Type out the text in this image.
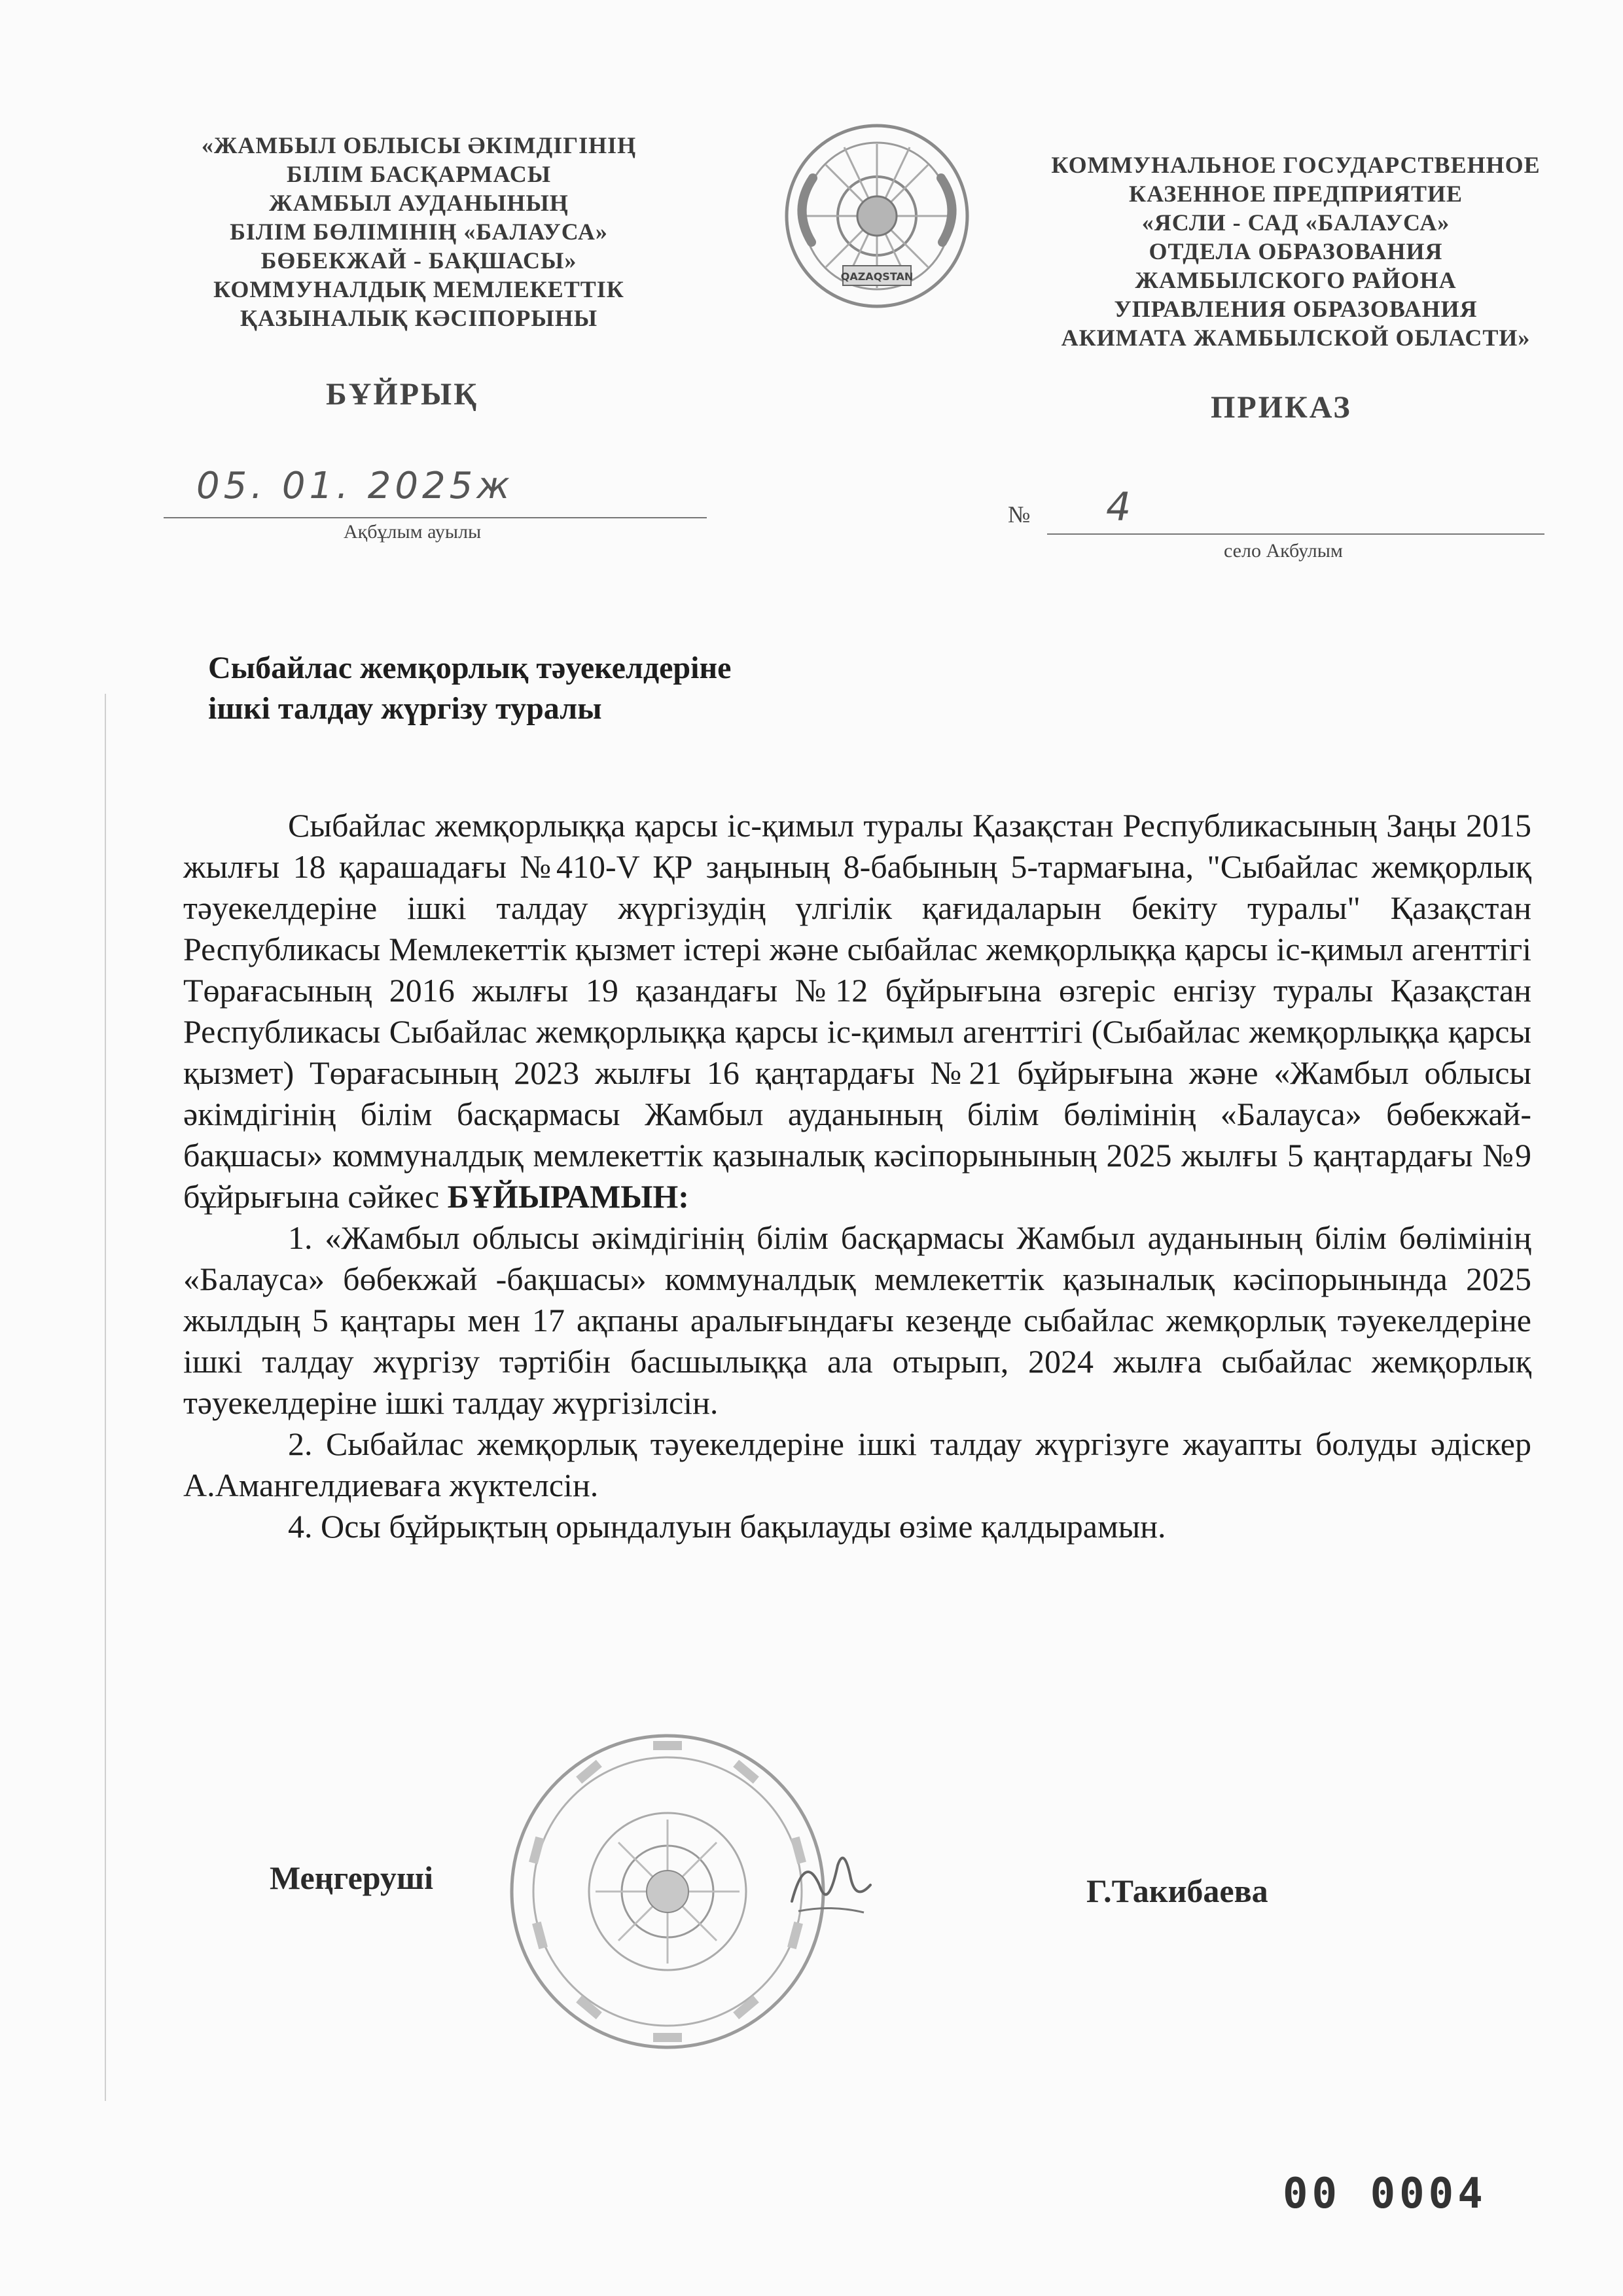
«ЖАМБЫЛ ОБЛЫСЫ ӘКІМДІГІНІҢ
БІЛІМ БАСҚАРМАСЫ
ЖАМБЫЛ АУДАНЫНЫҢ
БІЛІМ БӨЛІМІНІҢ «БАЛАУСА»
БӨБЕКЖАЙ - БАҚШАСЫ»
КОММУНАЛДЫҚ МЕМЛЕКЕТТІК
ҚАЗЫНАЛЫҚ КӘСІПОРЫНЫ
QAZAQSTAN
КОММУНАЛЬНОЕ ГОСУДАРСТВЕННОЕ
КАЗЕННОЕ ПРЕДПРИЯТИЕ
«ЯСЛИ - САД «БАЛАУСА»
ОТДЕЛА ОБРАЗОВАНИЯ
ЖАМБЫЛСКОГО РАЙОНА
УПРАВЛЕНИЯ ОБРАЗОВАНИЯ
АКИМАТА ЖАМБЫЛСКОЙ ОБЛАСТИ»
БҰЙРЫҚ	ПРИКАЗ
05. 01. 2025ж
Ақбұлым ауылы
№ 4
село Акбулым
Сыбайлас жемқорлық тәуекелдеріне
ішкі талдау жүргізу туралы

Сыбайлас жемқорлыққа қарсы іс-қимыл туралы Қазақстан Республикасының Заңы 2015 жылғы 18 қарашадағы №410-V ҚР заңының 8-бабының 5-тармағына, "Сыбайлас жемқорлық тәуекелдеріне ішкі талдау жүргізудің үлгілік қағидаларын бекіту туралы" Қазақстан Республикасы Мемлекеттік қызмет істері және сыбайлас жемқорлыққа қарсы іс-қимыл агенттігі Төрағасының 2016 жылғы 19 қазандағы №12 бұйрығына өзгеріс енгізу туралы Қазақстан Республикасы Сыбайлас жемқорлыққа қарсы іс-қимыл агенттігі (Сыбайлас жемқорлыққа қарсы қызмет) Төрағасының 2023 жылғы 16 қаңтардағы №21 бұйрығына және «Жамбыл облысы әкімдігінің білім басқармасы Жамбыл ауданының білім бөлімінің «Балауса» бөбекжай-бақшасы» коммуналдық мемлекеттік қазыналық кәсіпорынының 2025 жылғы 5 қаңтардағы №9 бұйрығына сәйкес БҰЙЫРАМЫН:

1. «Жамбыл облысы әкімдігінің білім басқармасы Жамбыл ауданының білім бөлімінің «Балауса» бөбекжай -бақшасы» коммуналдық мемлекеттік қазыналық кәсіпорынында 2025 жылдың 5 қаңтары мен 17 ақпаны аралығындағы кезеңде сыбайлас жемқорлық тәуекелдеріне ішкі талдау жүргізу тәртібін басшылыққа ала отырып, 2024 жылға сыбайлас жемқорлық тәуекелдеріне ішкі талдау жүргізілсін.

2. Сыбайлас жемқорлық тәуекелдеріне ішкі талдау жүргізуге жауапты болуды әдіскер А.Амангелдиеваға жүктелсін.

4. Осы бұйрықтың орындалуын бақылауды өзіме қалдырамын.

Меңгеруші	Г.Такибаева
00 0004
